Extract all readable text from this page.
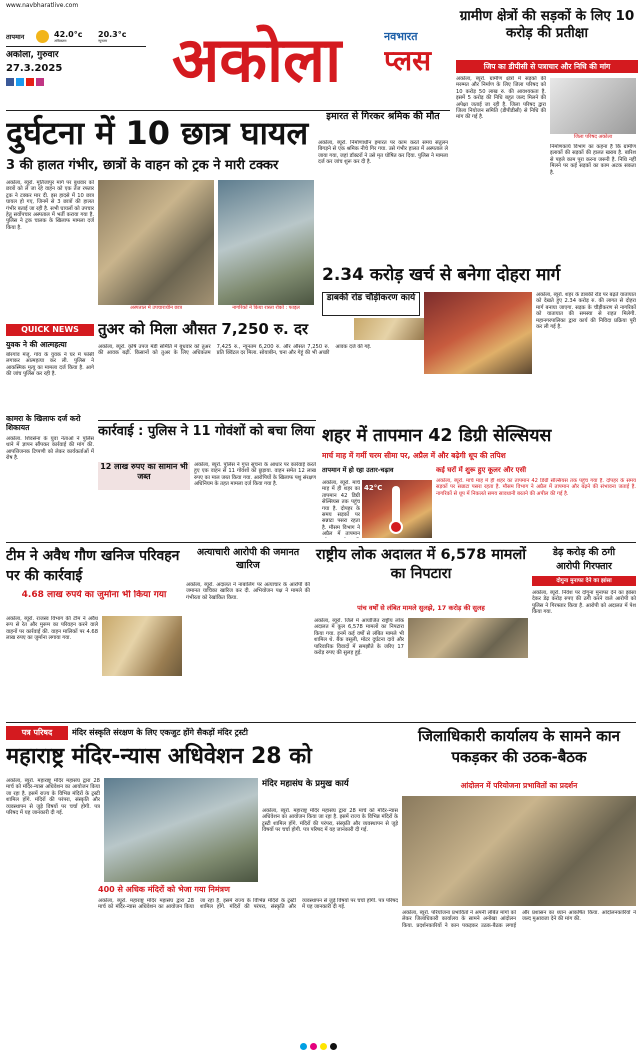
www.navbharatlive.com
तापमान	42.0°c	20.3°c
अधिकतम	न्यूनतम
अकोला, गुरुवार
27.3.2025	अकोला	नवभारत
प्लस
ग्रामीण क्षेत्रों की सड़कों के लिए 10 करोड़ की प्रतीक्षा
जिप का डीपीसी से पत्राचार और निधि की मांग
अकोला, ब्यूरो. ग्रामीण क्षेत्रों में सड़कों की मरम्मत और निर्माण के लिए जिला परिषद को 10 करोड़ 50 लाख रु. की आवश्यकता है. इसमें 5 करोड़ की निधि बहुत जल्द मिलने की अपेक्षा जताई जा रही है. जिला परिषद द्वारा जिला नियोजन समिति (डीपीडीसी) से निधि की मांग की गई है.
जिला परिषद अकोला
निर्माणकार्य विभाग का कहना है कि ग्रामीण इलाकों की सड़कों की हालत खराब है. बारिश से पहले काम पूरा करना जरूरी है. निधि नहीं मिलने पर कई सड़कों का काम अटक सकता है.
दुर्घटना में 10 छात्र घायल
3 की हालत गंभीर, छात्रों के वाहन को ट्रक ने मारी टक्कर
अकोला, ब्यूरो. मूर्तिजापुर मार्ग पर बुधवार को छात्रों को ले जा रहे वाहन को एक तेज रफ्तार ट्रक ने टक्कर मार दी. इस हादसे में 10 छात्र घायल हो गए, जिनमें से 3 छात्रों की हालत गंभीर बताई जा रही है. सभी घायलों को उपचार हेतु सर्वोपचार अस्पताल में भर्ती कराया गया है. पुलिस ने ट्रक चालक के खिलाफ मामला दर्ज किया है.
अस्पताल में उपचाराधीन छात्र	नागरिकों ने किया रास्ता रोको : फाइल
इमारत से गिरकर श्रमिक की मौत
अकोला, ब्यूरो. निर्माणाधीन इमारत पर काम करते समय संतुलन बिगड़ने से एक श्रमिक नीचे गिर गया. उसे गंभीर हालत में अस्पताल ले जाया गया, जहां डॉक्टरों ने उसे मृत घोषित कर दिया. पुलिस ने मामला दर्ज कर जांच शुरू कर दी है.
QUICK NEWS
युवक ने की आत्महत्या
बोरगांव मंजू. गांव के युवक ने घर में फांसी लगाकर आत्महत्या कर ली. पुलिस ने आकस्मिक मृत्यु का मामला दर्ज किया है. आगे की जांच पुलिस कर रही है.
कामरा के खिलाफ दर्ज करो शिकायत
अकोला. शिवसेना के युवा नेताओं ने पुलिस थाने में ज्ञापन सौंपकर कार्रवाई की मांग की. आपत्तिजनक टिप्पणी को लेकर कार्यकर्ताओं में रोष है.
तुअर को मिला औसत 7,250 रु. दर
अकोला, ब्यूरो. कृषि उपज मंडी समिति में बुधवार को तुअर की आवक बढ़ी. किसानों को तुअर के लिए अधिकतम 7,425 रु., न्यूनतम 6,200 रु. और औसत 7,250 रु. प्रति क्विंटल दर मिला. सोयाबीन, चना और गेहूं की भी अच्छी आवक दर्ज की गई.
2.34 करोड़ खर्च से बनेगा दोहरा मार्ग
डाबकी रोड चौड़ीकरण कार्य	अकोला, ब्यूरो. शहर के डाबकी रोड पर बढ़ते यातायात को देखते हुए 2.34 करोड़ रु. की लागत से दोहरा मार्ग बनाया जाएगा. सड़क के चौड़ीकरण से नागरिकों को यातायात की समस्या से राहत मिलेगी. महानगरपालिका द्वारा कार्य की निविदा प्रक्रिया पूरी कर ली गई है.
कार्रवाई : पुलिस ने 11 गोवंशों को बचा लिया
12 लाख रुपए का सामान भी जब्त
अकोला, ब्यूरो. पुलिस ने गुप्त सूचना के आधार पर कार्रवाई करते हुए एक वाहन से 11 गोवंशों को छुड़ाया. वाहन समेत 12 लाख रुपए का माल जब्त किया गया. आरोपियों के खिलाफ पशु संरक्षण अधिनियम के तहत मामला दर्ज किया गया है.
शहर में तापमान 42 डिग्री सेल्सियस
मार्च माह में गर्मी चरम सीमा पर, अप्रैल में और बढ़ेगी धूप की तपिश
तापमान में हो रहा उतार-चढ़ाव
42°C
अकोला, ब्यूरो. मार्च माह में ही शहर का तापमान 42 डिग्री सेल्सियस तक पहुंच गया है. दोपहर के समय सड़कों पर सन्नाटा पसरा रहता है. मौसम विभाग ने अप्रैल में तापमान
कई घरों में शुरू हुए कूलर और एसी
अकोला, ब्यूरो. मार्च माह में ही शहर का तापमान 42 डिग्री सेल्सियस तक पहुंच गया है. दोपहर के समय सड़कों पर सन्नाटा पसरा रहता है. मौसम विभाग ने अप्रैल में तापमान और बढ़ने की संभावना जताई है. नागरिकों से धूप में निकलते समय सावधानी बरतने की अपील की गई है.
टीम ने अवैध गौण खनिज परिवहन पर की कार्रवाई
4.68 लाख रुपये का जुर्माना भी किया गया
अकोला, ब्यूरो. राजस्व विभाग की टीम ने अवैध रूप से रेत और मुरूम का परिवहन करने वाले वाहनों पर कार्रवाई की. वाहन मालिकों पर 4.68 लाख रुपए का जुर्माना लगाया गया.
अत्याचारी आरोपी की जमानत खारिज
अकोला, ब्यूरो. अदालत ने नाबालिग पर अत्याचार के आरोपी की जमानत याचिका खारिज कर दी. अभियोजन पक्ष ने मामले की गंभीरता को रेखांकित किया.
राष्ट्रीय लोक अदालत में 6,578 मामलों का निपटारा
पांच वर्षों से लंबित मामले सुलझे, 17 करोड़ की सुलह
अकोला, ब्यूरो. जिले में आयोजित राष्ट्रीय लोक अदालत में कुल 6,578 मामलों का निपटारा किया गया. इनमें कई वर्षों से लंबित मामले भी शामिल थे. बैंक वसूली, मोटर दुर्घटना दावे और पारिवारिक विवादों में समझौते के जरिए 17 करोड़ रुपए की सुलह हुई.
डेढ़ करोड़ की ठगी
आरोपी गिरफ्तार
दोगुना मुनाफा देने का झांसा
अकोला, ब्यूरो. निवेश पर दोगुना मुनाफा देने का झांसा देकर डेढ़ करोड़ रुपए की ठगी करने वाले आरोपी को पुलिस ने गिरफ्तार किया है. आरोपी को अदालत में पेश किया गया.
पत्र परिषद	मंदिर संस्कृति संरक्षण के लिए एकजुट होंगे सैकड़ों मंदिर ट्रस्टी
महाराष्ट्र मंदिर-न्यास अधिवेशन 28 को
400 से अधिक मंदिरों को भेजा गया निमंत्रण
अकोला, ब्यूरो. महाराष्ट्र मंदिर महासंघ द्वारा 28 मार्च को मंदिर-न्यास अधिवेशन का आयोजन किया जा रहा है. इसमें राज्य के विभिन्न मंदिरों के ट्रस्टी शामिल होंगे. मंदिरों की परंपरा, संस्कृति और व्यवस्थापन से जुड़े विषयों पर चर्चा होगी. पत्र परिषद में यह जानकारी दी गई.
मंदिर महासंघ के प्रमुख कार्य
अकोला, ब्यूरो. महाराष्ट्र मंदिर महासंघ द्वारा 28 मार्च को मंदिर-न्यास अधिवेशन का आयोजन किया जा रहा है. इसमें राज्य के विभिन्न मंदिरों के ट्रस्टी शामिल होंगे. मंदिरों की परंपरा, संस्कृति और व्यवस्थापन से जुड़े विषयों पर चर्चा होगी. पत्र परिषद में यह जानकारी दी गई.
अकोला, ब्यूरो. महाराष्ट्र मंदिर महासंघ द्वारा 28 मार्च को मंदिर-न्यास अधिवेशन का आयोजन किया जा रहा है. इसमें राज्य के विभिन्न मंदिरों के ट्रस्टी शामिल होंगे. मंदिरों की परंपरा, संस्कृति और व्यवस्थापन से जुड़े विषयों पर चर्चा होगी. पत्र परिषद में यह जानकारी दी गई.
जिलाधिकारी कार्यालय के सामने कान पकड़कर की उठक-बैठक
आंदोलन में परियोजना प्रभावितों का प्रदर्शन
अकोला, ब्यूरो. परियोजना प्रभावितों ने अपनी लंबित मांगों को लेकर जिलाधिकारी कार्यालय के सामने अनोखा आंदोलन किया. प्रदर्शनकारियों ने कान पकड़कर उठक-बैठक लगाई और प्रशासन का ध्यान आकर्षित किया. आंदोलनकारियों ने जल्द मुआवजा देने की मांग की.
